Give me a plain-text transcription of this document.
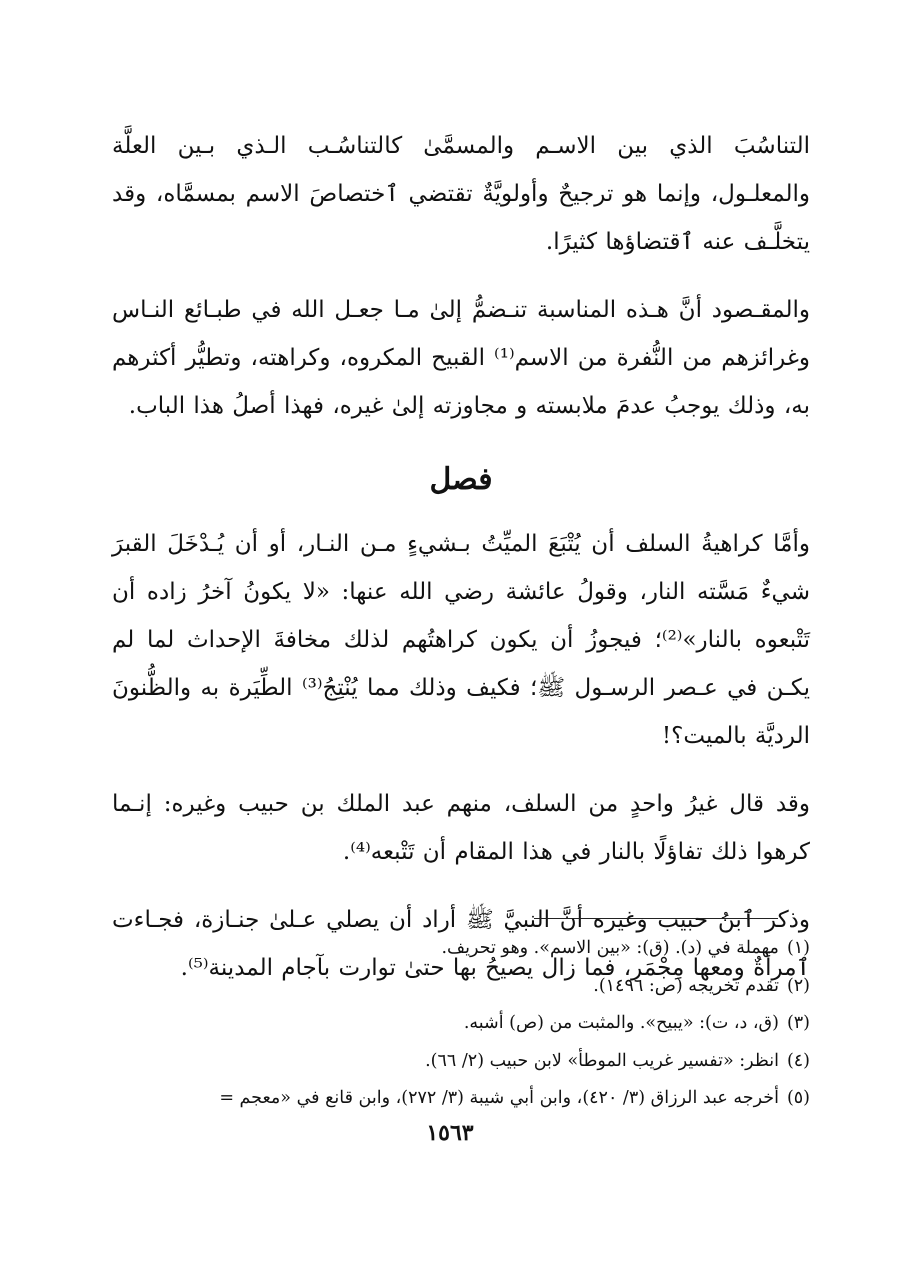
التناسُبَ الذي بين الاسـم والمسمَّىٰ كالتناسُـب الـذي بـين العلَّة والمعلـول، وإنما هو ترجيحٌ وأولويَّةٌ تقتضي ٱختصاصَ الاسم بمسمَّاه، وقد يتخلَّـف عنه ٱقتضاؤها كثيرًا.

والمقـصود أنَّ هـذه المناسبة تنـضمُّ إلىٰ مـا جعـل الله في طبـائع النـاس وغرائزهم من النُّفرة من الاسم⁽¹⁾ القبيح المكروه، وكراهته، وتطيُّر أكثرهم به، وذلك يوجبُ عدمَ ملابسته و مجاوزته إلىٰ غيره، فهذا أصلُ هذا الباب.

فصل

وأمَّا كراهيةُ السلف أن يُتْبَعَ الميِّتُ بـشيءٍ مـن النـار، أو أن يُـدْخَلَ القبرَ شيءٌ مَسَّته النار، وقولُ عائشة رضي الله عنها: «لا يكونُ آخرُ زاده أن تَتْبعوه بالنار»⁽²⁾؛ فيجوزُ أن يكون كراهتُهم لذلك مخافةَ الإحداث لما لم يكـن في عـصر الرسـول ﷺ؛ فكيف وذلك مما يُنْتِجُ⁽³⁾ الطِّيَرة به والظُّنونَ الرديَّة بالميت؟!

وقد قال غيرُ واحدٍ من السلف، منهم عبد الملك بن حبيب وغيره: إنـما كرهوا ذلك تفاؤلًا بالنار في هذا المقام أن تَتْبعه⁽⁴⁾.

وذكر ٱبنُ حبيب وغيره أنَّ النبيَّ ﷺ أراد أن يصلي عـلىٰ جنـازة، فجـاءت ٱمرأةٌ ومعها مِجْمَر، فما زال يصيحُ بها حتىٰ توارت بآجام المدينة⁽⁵⁾.

(١)مهملة في (د). (ق): «بين الاسم». وهو تحريف.
(٢)تقدم تخريجه (ص: ١٤٩٦).
(٣)(ق، د، ت): «يبيح». والمثبت من (ص) أشبه.
(٤)انظر: «تفسير غريب الموطأ» لابن حبيب (٢/ ٦٦).
(٥)أخرجه عبد الرزاق (٣/ ٤٢٠)، وابن أبي شيبة (٣/ ٢٧٢)، وابن قانع في «معجم =
١٥٦٣
